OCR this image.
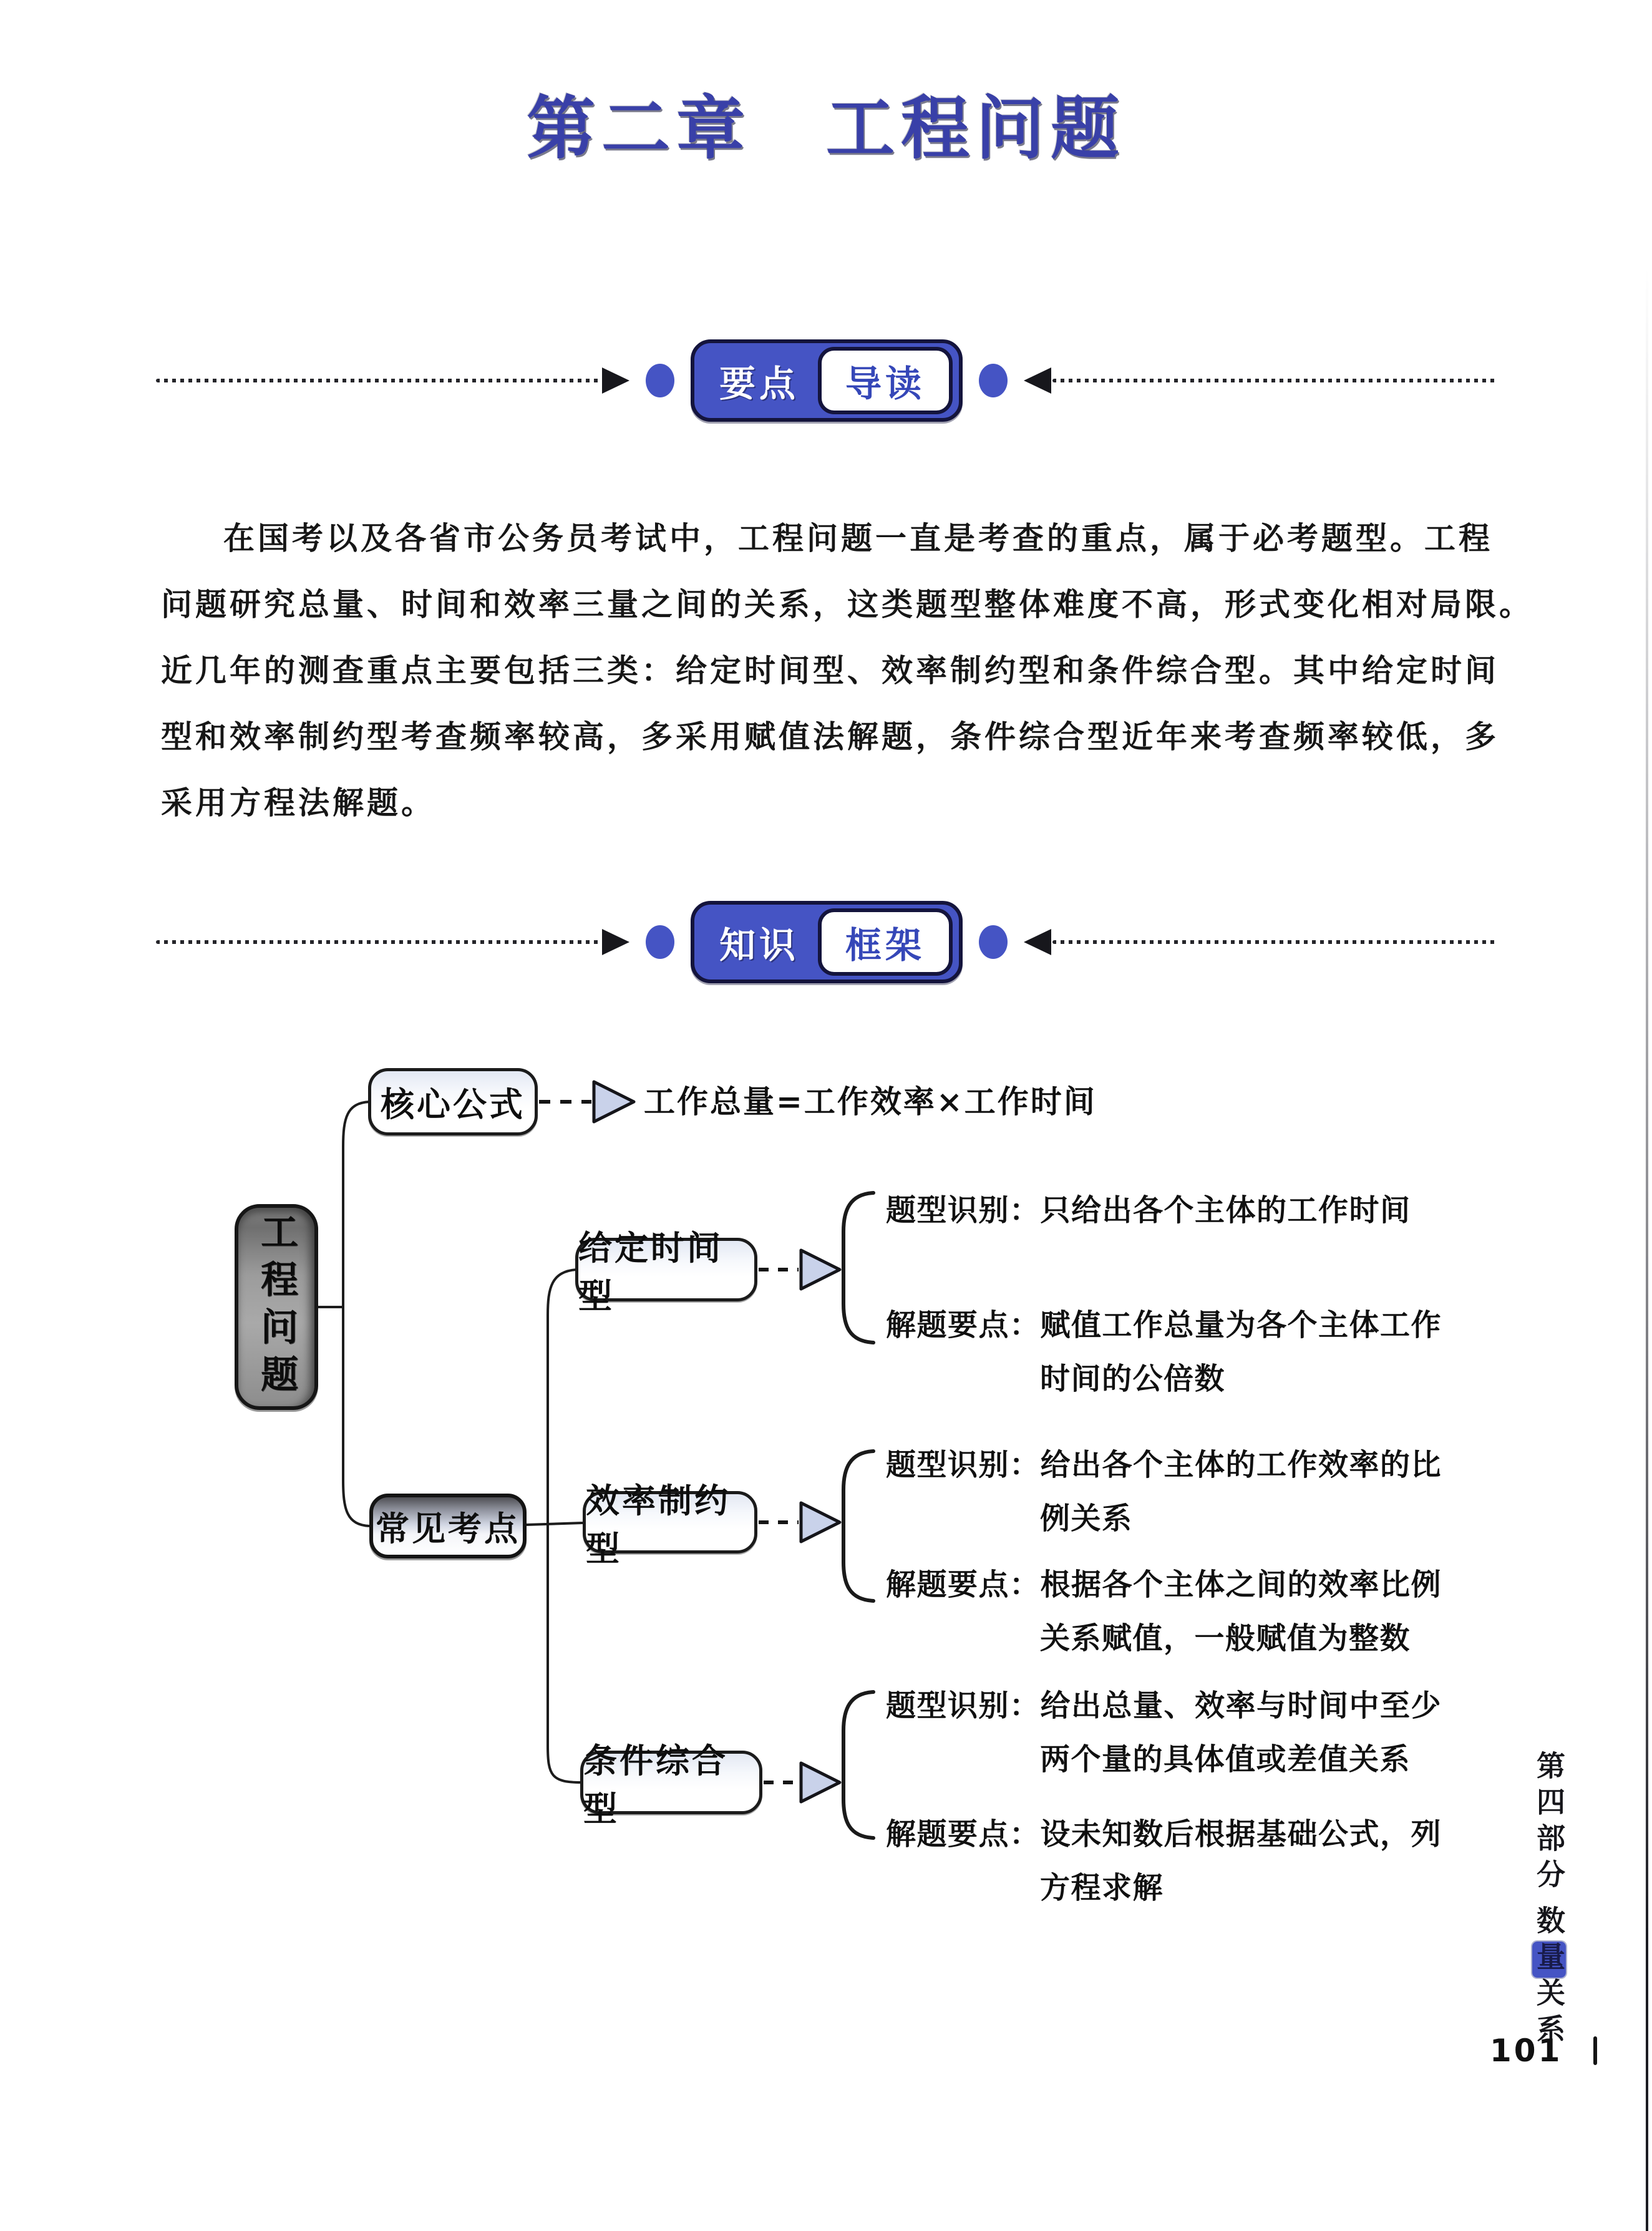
第二章　工程问题
要点	导读
在国考以及各省市公务员考试中，工程问题一直是考查的重点，属于必考题型。工程
问题研究总量、时间和效率三量之间的关系，这类题型整体难度不高，形式变化相对局限。
近几年的测查重点主要包括三类：给定时间型、效率制约型和条件综合型。其中给定时间
型和效率制约型考查频率较高，多采用赋值法解题，条件综合型近年来考查频率较低，多
采用方程法解题。
知识	框架
工程问题
核心公式	工作总量=工作效率×工作时间
常见考点
给定时间型
效率制约型
条件综合型
题型识别：只给出各个主体的工作时间
解题要点：赋值工作总量为各个主体工作
时间的公倍数
题型识别：给出各个主体的工作效率的比
例关系
解题要点：根据各个主体之间的效率比例
关系赋值，一般赋值为整数
题型识别：给出总量、效率与时间中至少
两个量的具体值或差值关系
解题要点：设未知数后根据基础公式，列
方程求解	第四部分
数量关系
101
